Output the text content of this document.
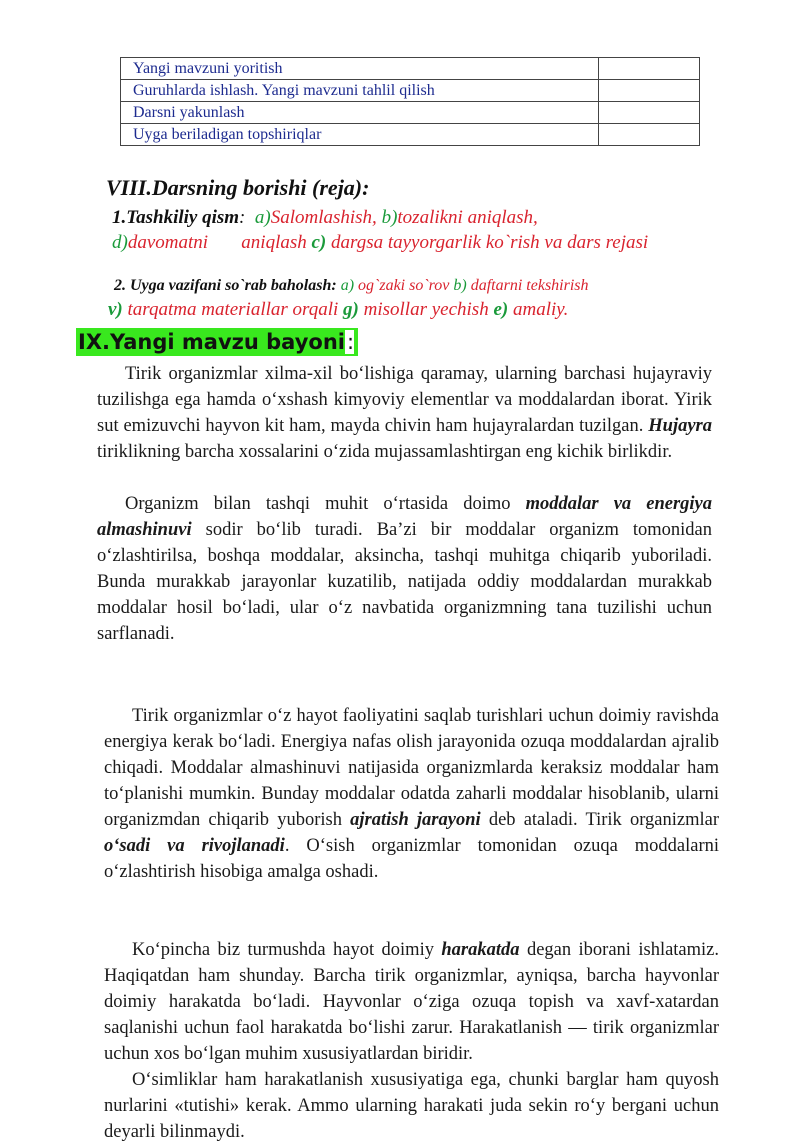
Yangi mavzuni yoritish	
Guruhlarda ishlash. Yangi mavzuni tahlil qilish	
Darsni yakunlash	
Uyga beriladigan topshiriqlar	
VIII.Darsning borishi (reja):
1.Tashkiliy qism: a)Salomlashish, b)tozalikni aniqlash,
d)davomatni       aniqlash c) dargsa tayyorgarlik ko`rish va dars rejasi
2. Uyga vazifani so`rab baholash: a) og`zaki so`rov b) daftarni tekshirish
v) tarqatma materiallar orqali g) misollar yechish e) amaliy.
IX.Yangi mavzu bayoni:

Tirik organizmlar xilma-xil bo‘lishiga qaramay, ularning barchasi hujayraviy tuzilishga ega hamda o‘xshash kimyoviy elementlar va moddalardan iborat. Yirik sut emizuvchi hayvon kit ham, mayda chivin ham hujayralardan tuzilgan. Hujayra tiriklikning barcha xossalarini o‘zida mujassamlashtirgan eng kichik birlikdir.

Organizm bilan tashqi muhit o‘rtasida doimo moddalar va energiya almashinuvi sodir bo‘lib turadi. Ba’zi bir moddalar organizm tomonidan o‘zlashtirilsa, boshqa moddalar, aksincha, tashqi muhitga chiqarib yuboriladi. Bunda murakkab jarayonlar kuzatilib, natijada oddiy moddalardan murakkab moddalar hosil bo‘ladi, ular o‘z navbatida organizmning tana tuzilishi uchun sarflanadi.

Tirik organizmlar o‘z hayot faoliyatini saqlab turishlari uchun doimiy ravishda energiya kerak bo‘ladi. Energiya nafas olish jarayonida ozuqa moddalardan ajralib chiqadi. Moddalar almashinuvi natijasida organizmlarda keraksiz moddalar ham to‘planishi mumkin. Bunday moddalar odatda zaharli moddalar hisoblanib, ularni organizmdan chiqarib yuborish ajratish jarayoni deb ataladi. Tirik organizmlar o‘sadi va rivojlanadi. O‘sish organizmlar tomonidan ozuqa moddalarni o‘zlashtirish hisobiga amalga oshadi.

Ko‘pincha biz turmushda hayot doimiy harakatda degan iborani ishlatamiz. Haqiqatdan ham shunday. Barcha tirik organizmlar, ayniqsa, barcha hayvonlar doimiy harakatda bo‘ladi. Hayvonlar o‘ziga ozuqa topish va xavf-xatardan saqlanishi uchun faol harakatda bo‘lishi zarur. Harakatlanish — tirik organizmlar uchun xos bo‘lgan muhim xususiyatlardan biridir.

O‘simliklar ham harakatlanish xususiyatiga ega, chunki barglar ham quyosh nurlarini «tutishi» kerak. Ammo ularning harakati juda sekin ro‘y bergani uchun deyarli bilinmaydi.
